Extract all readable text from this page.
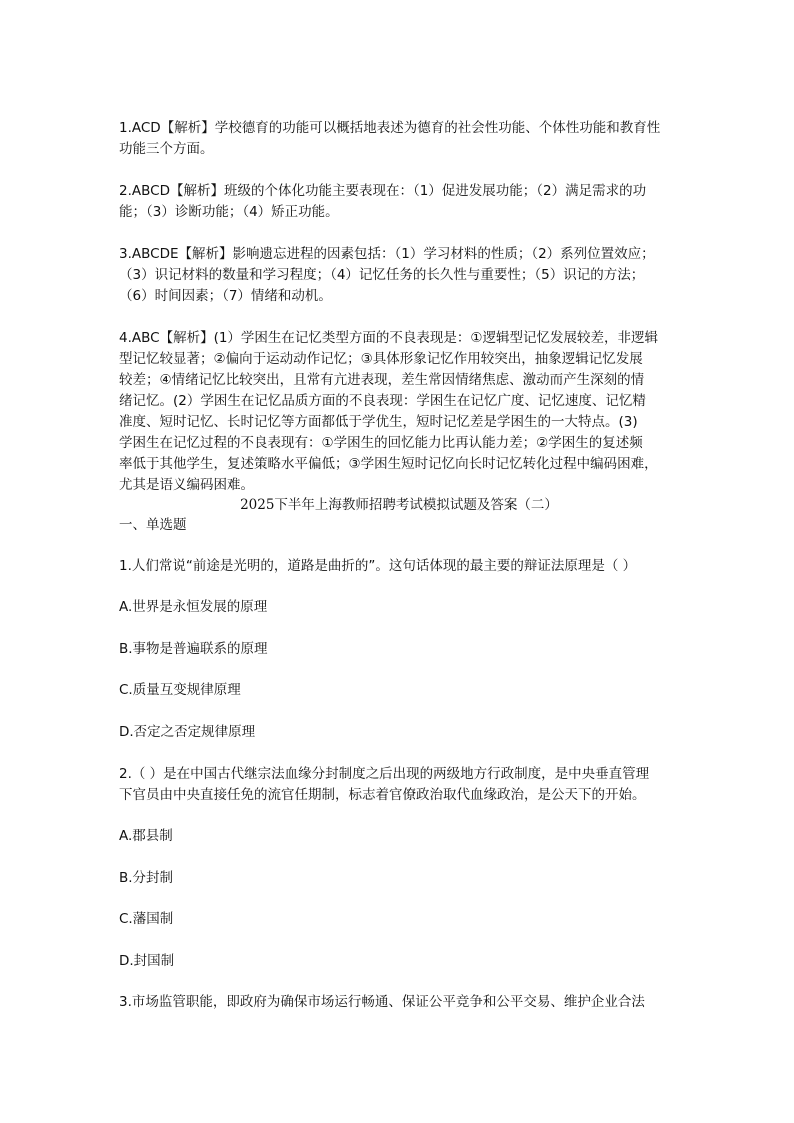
1.ACD【解析】学校德育的功能可以概括地表述为德育的社会性功能、个体性功能和教育性
功能三个方面。

2.ABCD【解析】班级的个体化功能主要表现在：（1）促进发展功能；（2）满足需求的功
能；（3）诊断功能；（4）矫正功能。

3.ABCDE【解析】影响遗忘进程的因素包括：（1）学习材料的性质；（2）系列位置效应；
（3）识记材料的数量和学习程度；（4）记忆任务的长久性与重要性；（5）识记的方法；
（6）时间因素；（7）情绪和动机。

4.ABC【解析】(1）学困生在记忆类型方面的不良表现是：①逻辑型记忆发展较差，非逻辑
型记忆较显著；②偏向于运动动作记忆；③具体形象记忆作用较突出，抽象逻辑记忆发展
较差；④情绪记忆比较突出，且常有亢进表现，差生常因情绪焦虑、激动而产生深刻的情
绪记忆。(2）学困生在记忆品质方面的不良表现：学困生在记忆广度、记忆速度、记忆精
准度、短时记忆、长时记忆等方面都低于学优生，短时记忆差是学困生的一大特点。(3)
学困生在记忆过程的不良表现有：①学困生的回忆能力比再认能力差；②学困生的复述频
率低于其他学生，复述策略水平偏低；③学困生短时记忆向长时记忆转化过程中编码困难，
尤其是语义编码困难。

2025下半年上海教师招聘考试模拟试题及答案（二）

一、单选题

1.人们常说“前途是光明的，道路是曲折的”。这句话体现的最主要的辩证法原理是（ ）

A.世界是永恒发展的原理

B.事物是普遍联系的原理

C.质量互变规律原理

D.否定之否定规律原理

2.（ ）是在中国古代继宗法血缘分封制度之后出现的两级地方行政制度，是中央垂直管理
下官员由中央直接任免的流官任期制，标志着官僚政治取代血缘政治，是公天下的开始。

A.郡县制

B.分封制

C.藩国制

D.封国制

3.市场监管职能，即政府为确保市场运行畅通、保证公平竞争和公平交易、维护企业合法
